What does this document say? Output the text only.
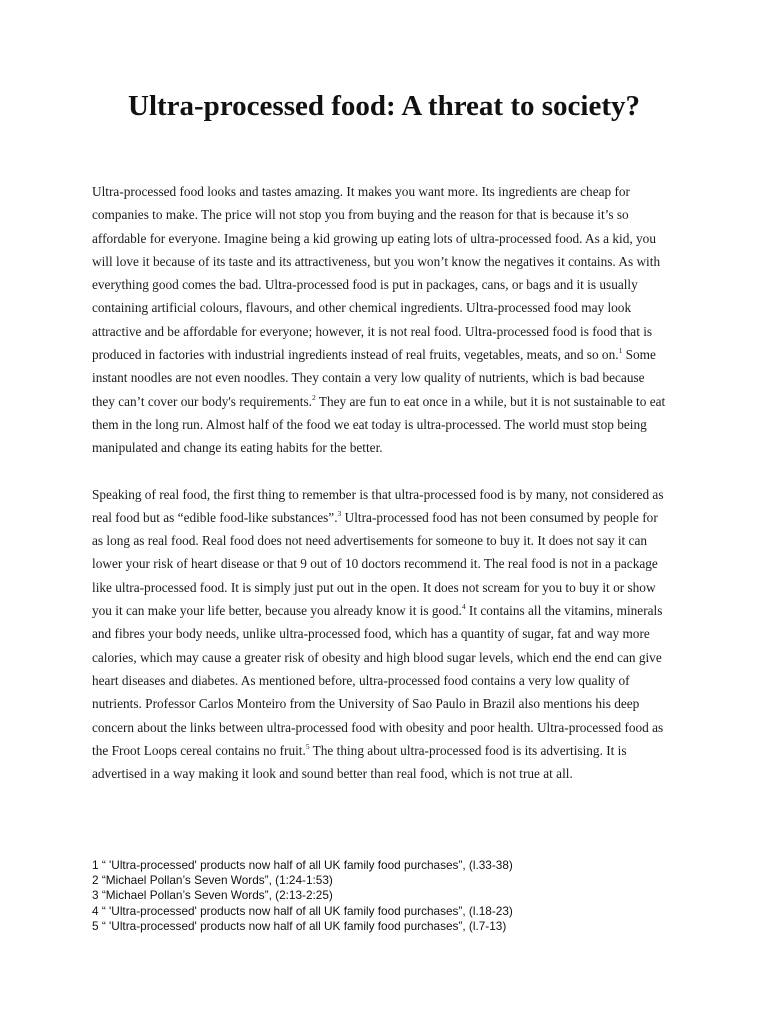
Ultra-processed food: A threat to society?

Ultra-processed food looks and tastes amazing. It makes you want more. Its ingredients are cheap for companies to make. The price will not stop you from buying and the reason for that is because it’s so affordable for everyone. Imagine being a kid growing up eating lots of ultra-processed food. As a kid, you will love it because of its taste and its attractiveness, but you won’t know the negatives it contains. As with everything good comes the bad. Ultra-processed food is put in packages, cans, or bags and it is usually containing artificial colours, flavours, and other chemical ingredients. Ultra-processed food may look attractive and be affordable for everyone; however, it is not real food. Ultra-processed food is food that is produced in factories with industrial ingredients instead of real fruits, vegetables, meats, and so on.$^1$ Some instant noodles are not even noodles. They contain a very low quality of nutrients, which is bad because they can’t cover our body's requirements.$^2$ They are fun to eat once in a while, but it is not sustainable to eat them in the long run. Almost half of the food we eat today is ultra-processed. The world must stop being manipulated and change its eating habits for the better.

Speaking of real food, the first thing to remember is that ultra-processed food is by many, not considered as real food but as “edible food-like substances”.$^3$ Ultra-processed food has not been consumed by people for as long as real food. Real food does not need advertisements for someone to buy it. It does not say it can lower your risk of heart disease or that 9 out of 10 doctors recommend it. The real food is not in a package like ultra-processed food. It is simply just put out in the open. It does not scream for you to buy it or show you it can make your life better, because you already know it is good.$^4$ It contains all the vitamins, minerals and fibres your body needs, unlike ultra-processed food, which has a quantity of sugar, fat and way more calories, which may cause a greater risk of obesity and high blood sugar levels, which end the end can give heart diseases and diabetes. As mentioned before, ultra-processed food contains a very low quality of nutrients. Professor Carlos Monteiro from the University of Sao Paulo in Brazil also mentions his deep concern about the links between ultra-processed food with obesity and poor health. Ultra-processed food as the Froot Loops cereal contains no fruit.$^5$ The thing about ultra-processed food is its advertising. It is advertised in a way making it look and sound better than real food, which is not true at all.

1 “ 'Ultra-processed' products now half of all UK family food purchases”, (l.33-38)

2 “Michael Pollan’s Seven Words”, (1:24-1:53)

3 “Michael Pollan’s Seven Words”, (2:13-2:25)

4 “ 'Ultra-processed' products now half of all UK family food purchases”, (l.18-23)

5 “ 'Ultra-processed' products now half of all UK family food purchases”, (l.7-13)
